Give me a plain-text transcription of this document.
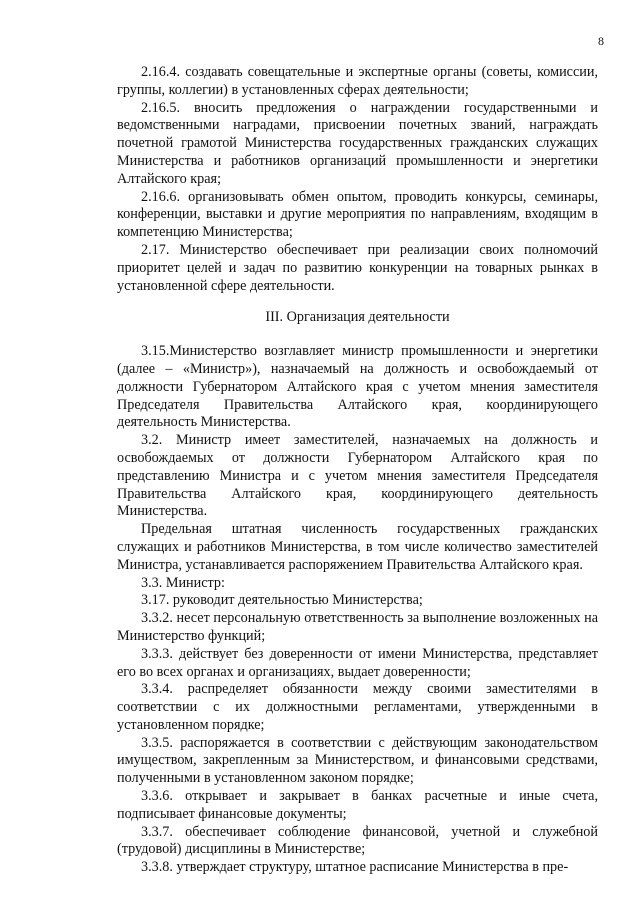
8

2.16.4. создавать совещательные и экспертные органы (советы, комиссии, группы, коллегии) в установленных сферах деятельности;

2.16.5. вносить предложения о награждении государственными и ведомственными наградами, присвоении почетных званий, награждать почетной грамотой Министерства государственных гражданских служащих Министерства и работников организаций промышленности и энергетики Алтайского края;

2.16.6. организовывать обмен опытом, проводить конкурсы, семинары, конференции, выставки и другие мероприятия по направлениям, входящим в компетенцию Министерства;

2.17. Министерство обеспечивает при реализации своих полномочий приоритет целей и задач по развитию конкуренции на товарных рынках в установленной сфере деятельности.

III. Организация деятельности

3.15.Министерство возглавляет министр промышленности и энергетики (далее – «Министр»), назначаемый на должность и освобождаемый от должности Губернатором Алтайского края с учетом мнения заместителя Председателя Правительства Алтайского края, координирующего деятельность Министерства.

3.2. Министр имеет заместителей, назначаемых на должность и освобождаемых от должности Губернатором Алтайского края по представлению Министра и с учетом мнения заместителя Председателя Правительства Алтайского края, координирующего деятельность Министерства.

Предельная штатная численность государственных гражданских служащих и работников Министерства, в том числе количество заместителей Министра, устанавливается распоряжением Правительства Алтайского края.

3.3. Министр:

3.17. руководит деятельностью Министерства;

3.3.2. несет персональную ответственность за выполнение возложенных на Министерство функций;

3.3.3. действует без доверенности от имени Министерства, представляет его во всех органах и организациях, выдает доверенности;

3.3.4. распределяет обязанности между своими заместителями в соответствии с их должностными регламентами, утвержденными в установленном порядке;

3.3.5. распоряжается в соответствии с действующим законодательством имуществом, закрепленным за Министерством, и финансовыми средствами, полученными в установленном законом порядке;

3.3.6. открывает и закрывает в банках расчетные и иные счета, подписывает финансовые документы;

3.3.7. обеспечивает соблюдение финансовой, учетной и служебной (трудовой) дисциплины в Министерстве;

3.3.8. утверждает структуру, штатное расписание Министерства в пре-
